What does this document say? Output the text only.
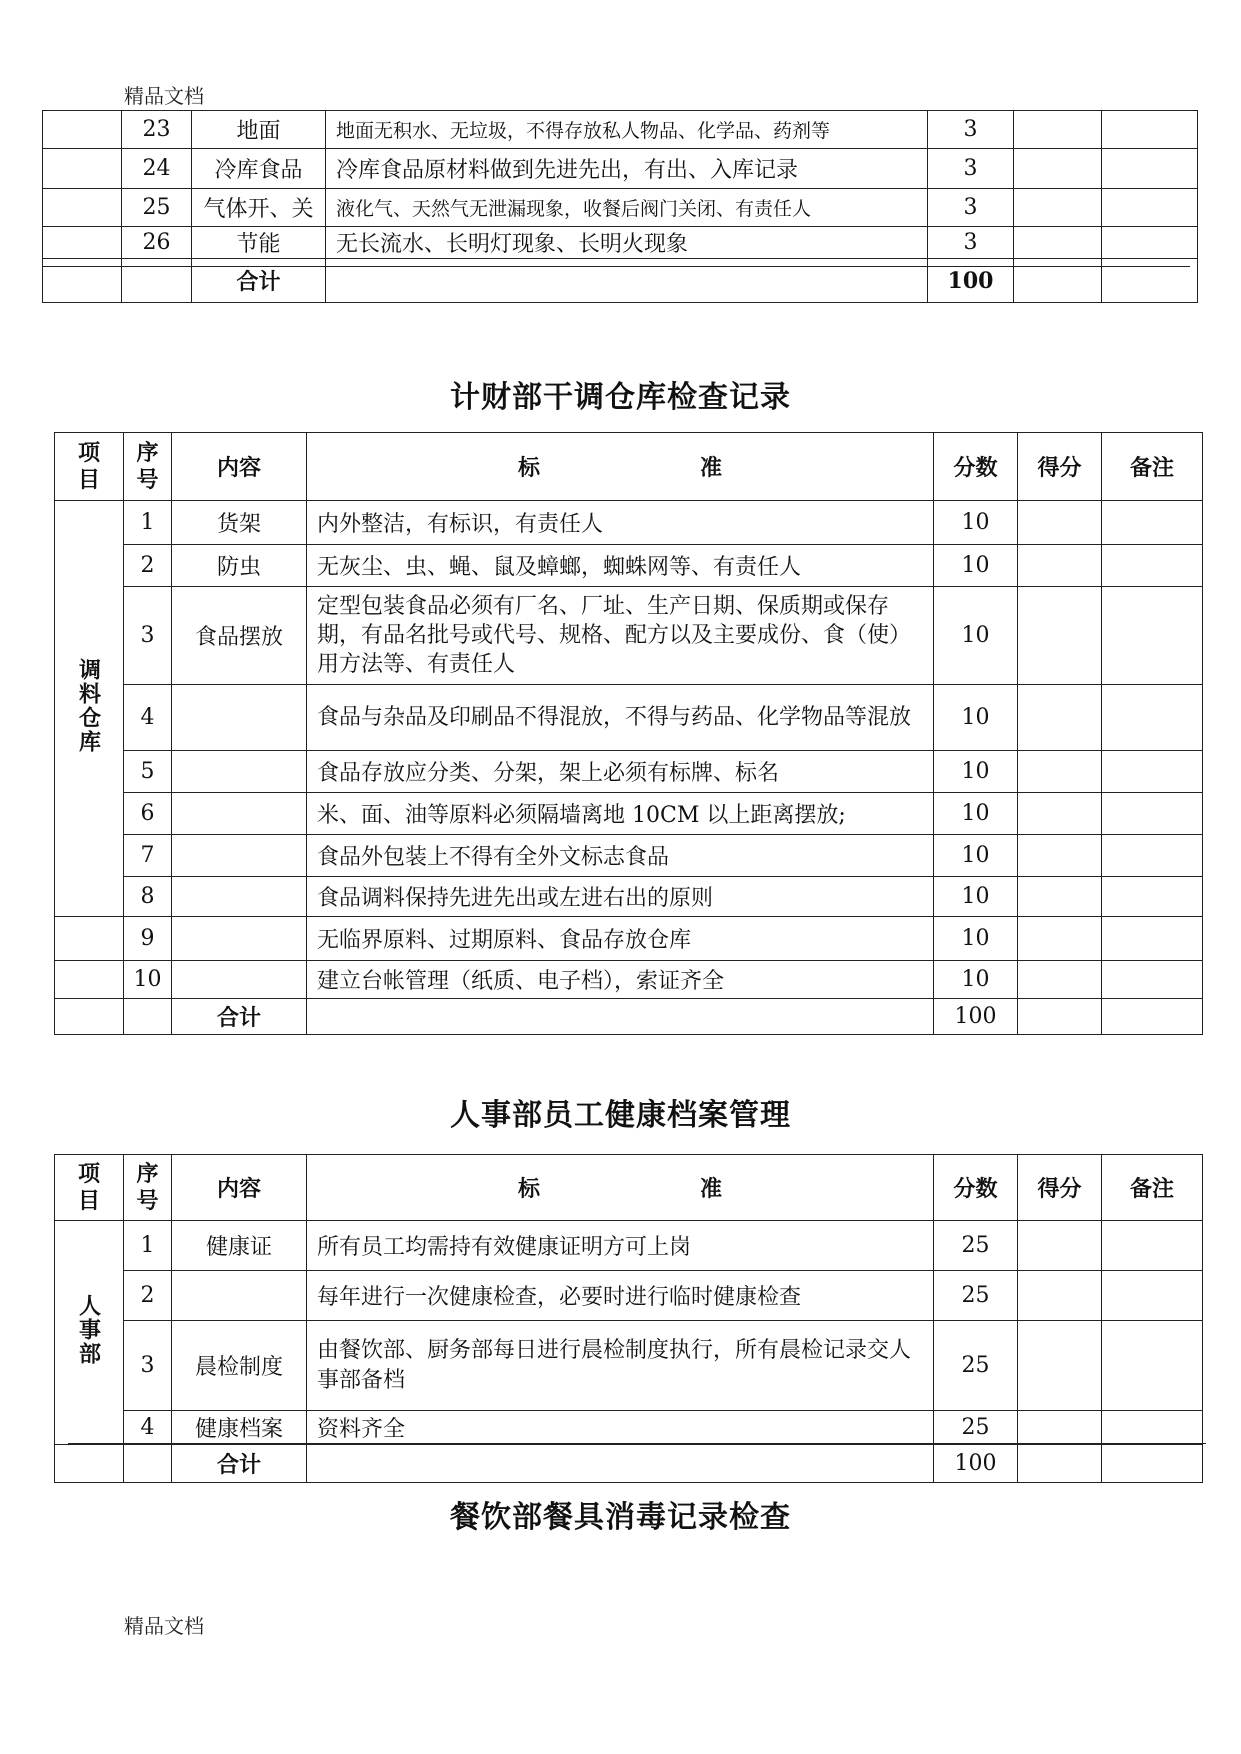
精品文档
	23	地面	地面无积水、无垃圾，不得存放私人物品、化学品、药剂等	3		
	24	冷库食品	冷库食品原材料做到先进先出，有出、入库记录	3		
	25	气体开、关	液化气、天然气无泄漏现象，收餐后阀门关闭、有责任人	3		
	26	节能	无长流水、长明灯现象、长明火现象	3		
		合计		100		
计财部干调仓库检查记录
项目	序号	内容	标 准	分数	得分	备注
调料仓库	1	货架	内外整洁，有标识，有责任人	10		
	2	防虫	无灰尘、虫、蝇、鼠及蟑螂，蜘蛛网等、有责任人	10		
	3	食品摆放	定型包装食品必须有厂名、厂址、生产日期、保质期或保存期，有品名批号或代号、规格、配方以及主要成份、食（使）用方法等、有责任人	10		
	4		食品与杂品及印刷品不得混放，不得与药品、化学物品等混放	10		
	5		食品存放应分类、分架，架上必须有标牌、标名	10		
	6		米、面、油等原料必须隔墙离地 10CM 以上距离摆放;	10		
	7		食品外包装上不得有全外文标志食品	10		
	8		食品调料保持先进先出或左进右出的原则	10		
	9		无临界原料、过期原料、食品存放仓库	10		
	10		建立台帐管理（纸质、电子档），索证齐全	10		
		合计		100		
人事部员工健康档案管理
项目	序号	内容	标 准	分数	得分	备注
人事部	1	健康证	所有员工均需持有效健康证明方可上岗	25		
	2		每年进行一次健康检查，必要时进行临时健康检查	25		
	3	晨检制度	由餐饮部、厨务部每日进行晨检制度执行，所有晨检记录交人事部备档	25		
	4	健康档案	资料齐全	25		
		合计		100		
餐饮部餐具消毒记录检查
精品文档
